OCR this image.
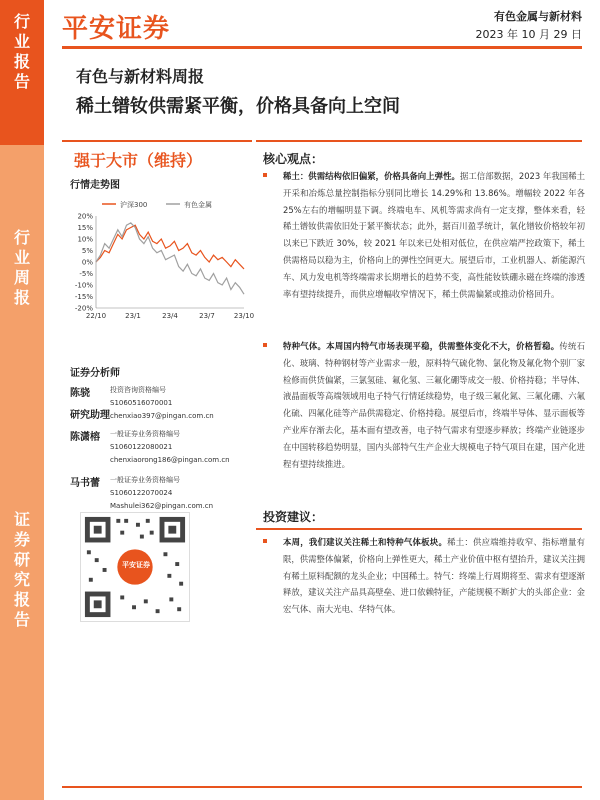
行
业
报
告
行
业
周
报
证
券
研
究
报
告
平安证券	有色金属与新材料
2023 年 10 月 29 日
有色与新材料周报
稀土镨钕供需紧平衡，价格具备向上空间
强于大市（维持）
行情走势图
沪深300	有色金属
20%
15%
10%
5%
0%
-5%
-10%
-15%
-20%
22/10	23/1	23/4	23/7	23/10
证券分析师
陈骁	投资咨询资格编号
S1060516070001
chenxiao397@pingan.com.cn
研究助理
陈潇榕	一般证券业务资格编号
S1060122080021
chenxiaorong186@pingan.com.cn
马书蕾	一般证券业务资格编号
S1060122070024
Mashulei362@pingan.com.cn
平安证券
核心观点：

稀土：供需结构依旧偏紧，价格具备向上弹性。据工信部数据，2023 年我国稀土开采和冶炼总量控制指标分别同比增长 14.29%和 13.86%。增幅较 2022 年各 25%左右的增幅明显下调。终端电车、风机等需求尚有一定支撑，整体来看，轻稀土镨钕供需依旧处于紧平衡状态；此外，据百川盈孚统计，氧化镨钕价格较年初以来已下跌近 30%，较 2021 年以来已处相对低位，在供应端严控政策下，稀土供需格局以稳为主，价格向上的弹性空间更大。展望后市，工业机器人、新能源汽车、风力发电机等终端需求长期增长的趋势不变，高性能钕铁硼永磁在终端的渗透率有望持续提升，而供应增幅收窄情况下，稀土供需偏紧或推动价格回升。

特种气体。本周国内特气市场表现平稳，供需整体变化不大，价格暂稳。传统石化、玻璃、特种钢材等产业需求一般，原料特气硫化物、氯化物及氟化物个别厂家检修而供货偏紧，三氯氢硅、氟化氢、三氟化硼等成交一般、价格持稳；半导体、液晶面板等高端领域用电子特气行情延续稳势，电子级三氟化氮、三氟化硼、六氟化硫、四氟化硅等产品供需稳定、价格持稳。展望后市，终端半导体、显示面板等产业库存渐去化，基本面有望改善，电子特气需求有望逐步释放；终端产业链逐步在中国转移趋势明显，国内头部特气生产企业大规模电子特气项目在建，国产化进程有望持续推进。

投资建议：

本周，我们建议关注稀土和特种气体板块。稀土：供应端维持收窄、指标增量有限，供需整体偏紧，价格向上弹性更大，稀土产业价值中枢有望抬升，建议关注拥有稀土原料配额的龙头企业；中国稀土。特气：终端上行周期将至、需求有望逐渐释放，建议关注产品具高壁垒、进口依赖特征，产能规模不断扩大的头部企业：金宏气体、南大光电、华特气体。
